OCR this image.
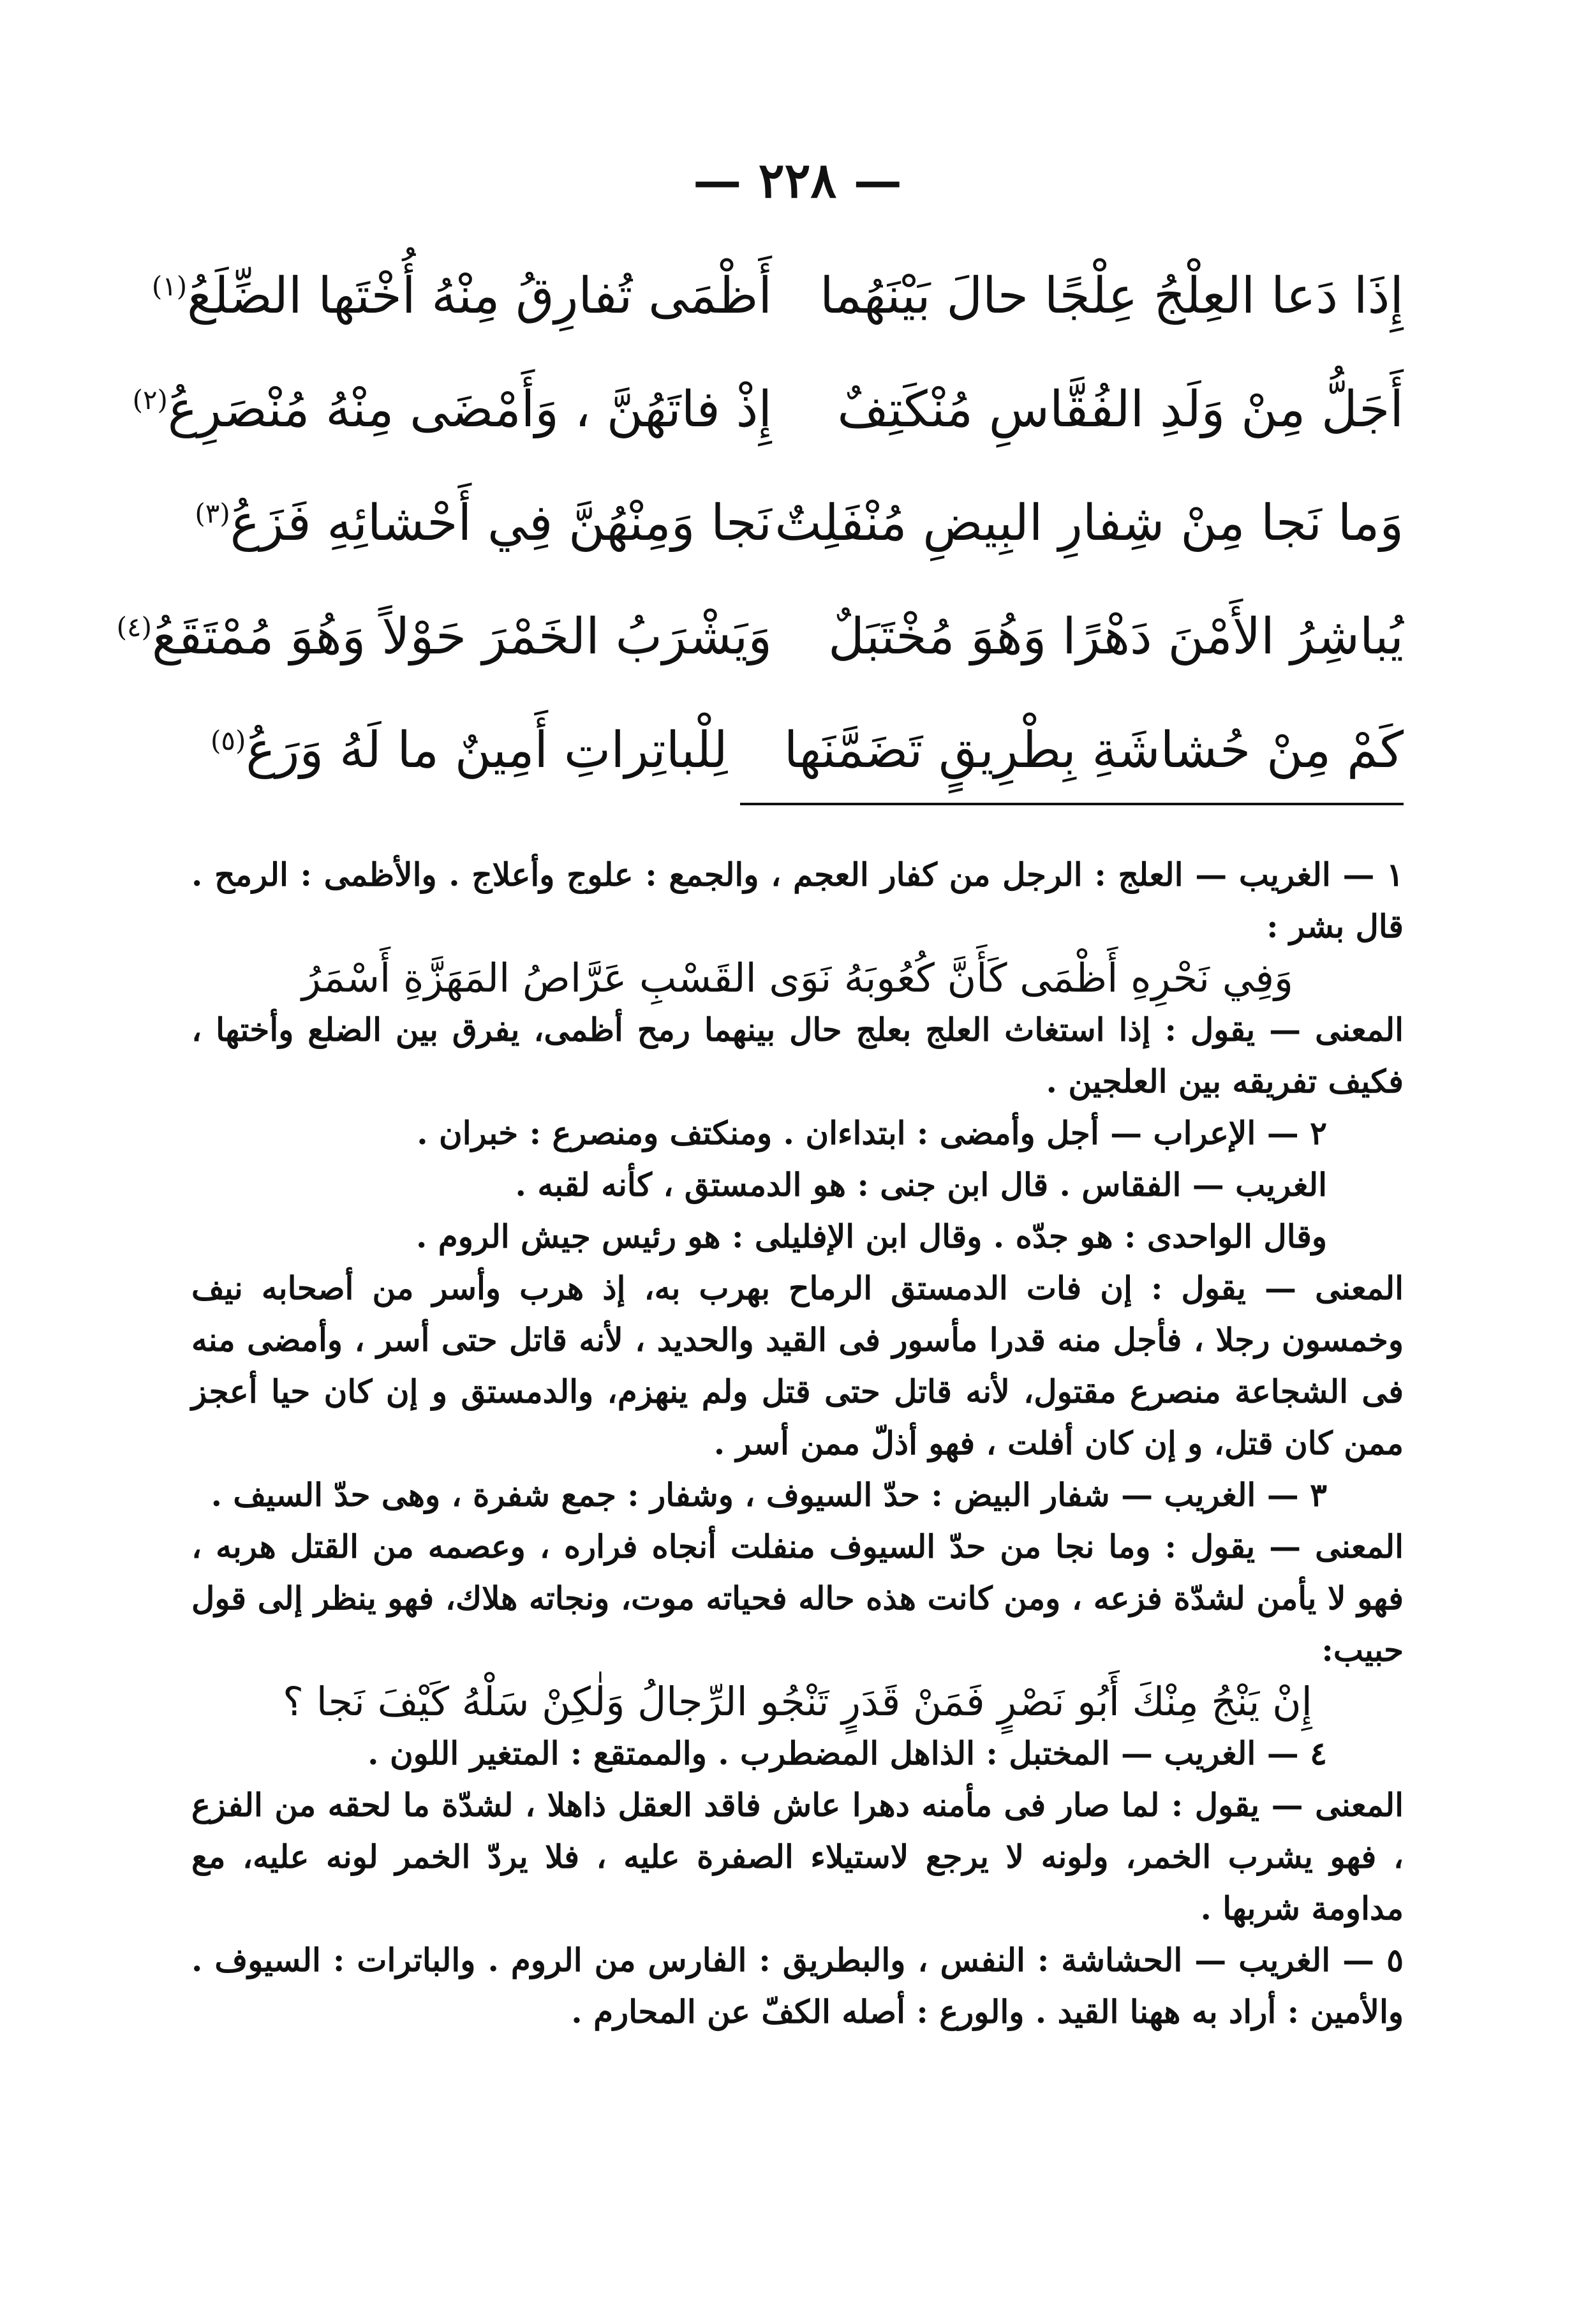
— ٢٢٨ —
إِذَا دَعا العِلْجُ عِلْجًا حالَ بَيْنَهُما
أَظْمَى تُفارِقُ مِنْهُ أُخْتَها الضِّلَعُ$^{(١)}$
أَجَلُّ مِنْ وَلَدِ الفُقَّاسِ مُنْكَتِفٌ
إِذْ فاتَهُنَّ ، وَأَمْضَى مِنْهُ مُنْصَرِعُ$^{(٢)}$
وَما نَجا مِنْ شِفارِ البِيضِ مُنْفَلِتٌ
نَجا وَمِنْهُنَّ فِي أَحْشائِهِ فَزَعُ$^{(٣)}$
يُباشِرُ الأَمْنَ دَهْرًا وَهُوَ مُخْتَبَلٌ
وَيَشْرَبُ الخَمْرَ حَوْلاً وَهُوَ مُمْتَقَعُ$^{(٤)}$
كَمْ مِنْ حُشاشَةِ بِطْرِيقٍ تَضَمَّنَها
لِلْباتِراتِ أَمِينٌ ما لَهُ وَرَعُ$^{(٥)}$

١ — الغريب — العلج : الرجل من كفار العجم ، والجمع : علوج وأعلاج . والأظمى : الرمح . قال بشر :

وَفِي نَحْرِهِ أَظْمَى كَأَنَّ كُعُوبَهُ نَوَى القَسْبِ عَرَّاصُ المَهَزَّةِ أَسْمَرُ

المعنى — يقول : إذا استغاث العلج بعلج حال بينهما رمح أظمى، يفرق بين الضلع وأختها ، فكيف تفريقه بين العلجين .

٢ — الإعراب — أجل وأمضى : ابتداءان . ومنكتف ومنصرع : خبران .

الغريب — الفقاس . قال ابن جنى : هو الدمستق ، كأنه لقبه .

وقال الواحدى : هو جدّه . وقال ابن الإفليلى : هو رئيس جيش الروم .

المعنى — يقول : إن فات الدمستق الرماح بهرب به، إذ هرب وأسر من أصحابه نيف وخمسون رجلا ، فأجل منه قدرا مأسور فى القيد والحديد ، لأنه قاتل حتى أسر ، وأمضى منه فى الشجاعة منصرع مقتول، لأنه قاتل حتى قتل ولم ينهزم، والدمستق و إن كان حيا أعجز ممن كان قتل، و إن كان أفلت ، فهو أذلّ ممن أسر .

٣ — الغريب — شفار البيض : حدّ السيوف ، وشفار : جمع شفرة ، وهى حدّ السيف .

المعنى — يقول : وما نجا من حدّ السيوف منفلت أنجاه فراره ، وعصمه من القتل هربه ، فهو لا يأمن لشدّة فزعه ، ومن كانت هذه حاله فحياته موت، ونجاته هلاك، فهو ينظر إلى قول حبيب:

إِنْ يَنْجُ مِنْكَ أَبُو نَصْرٍ فَمَنْ قَدَرٍ تَنْجُو الرِّجالُ وَلٰكِنْ سَلْهُ كَيْفَ نَجا ؟

٤ — الغريب — المختبل : الذاهل المضطرب . والممتقع : المتغير اللون .

المعنى — يقول : لما صار فى مأمنه دهرا عاش فاقد العقل ذاهلا ، لشدّة ما لحقه من الفزع ، فهو يشرب الخمر، ولونه لا يرجع لاستيلاء الصفرة عليه ، فلا يردّ الخمر لونه عليه، مع مداومة شربها .

٥ — الغريب — الحشاشة : النفس ، والبطريق : الفارس من الروم . والباترات : السيوف . والأمين : أراد به ههنا القيد . والورع : أصله الكفّ عن المحارم .
